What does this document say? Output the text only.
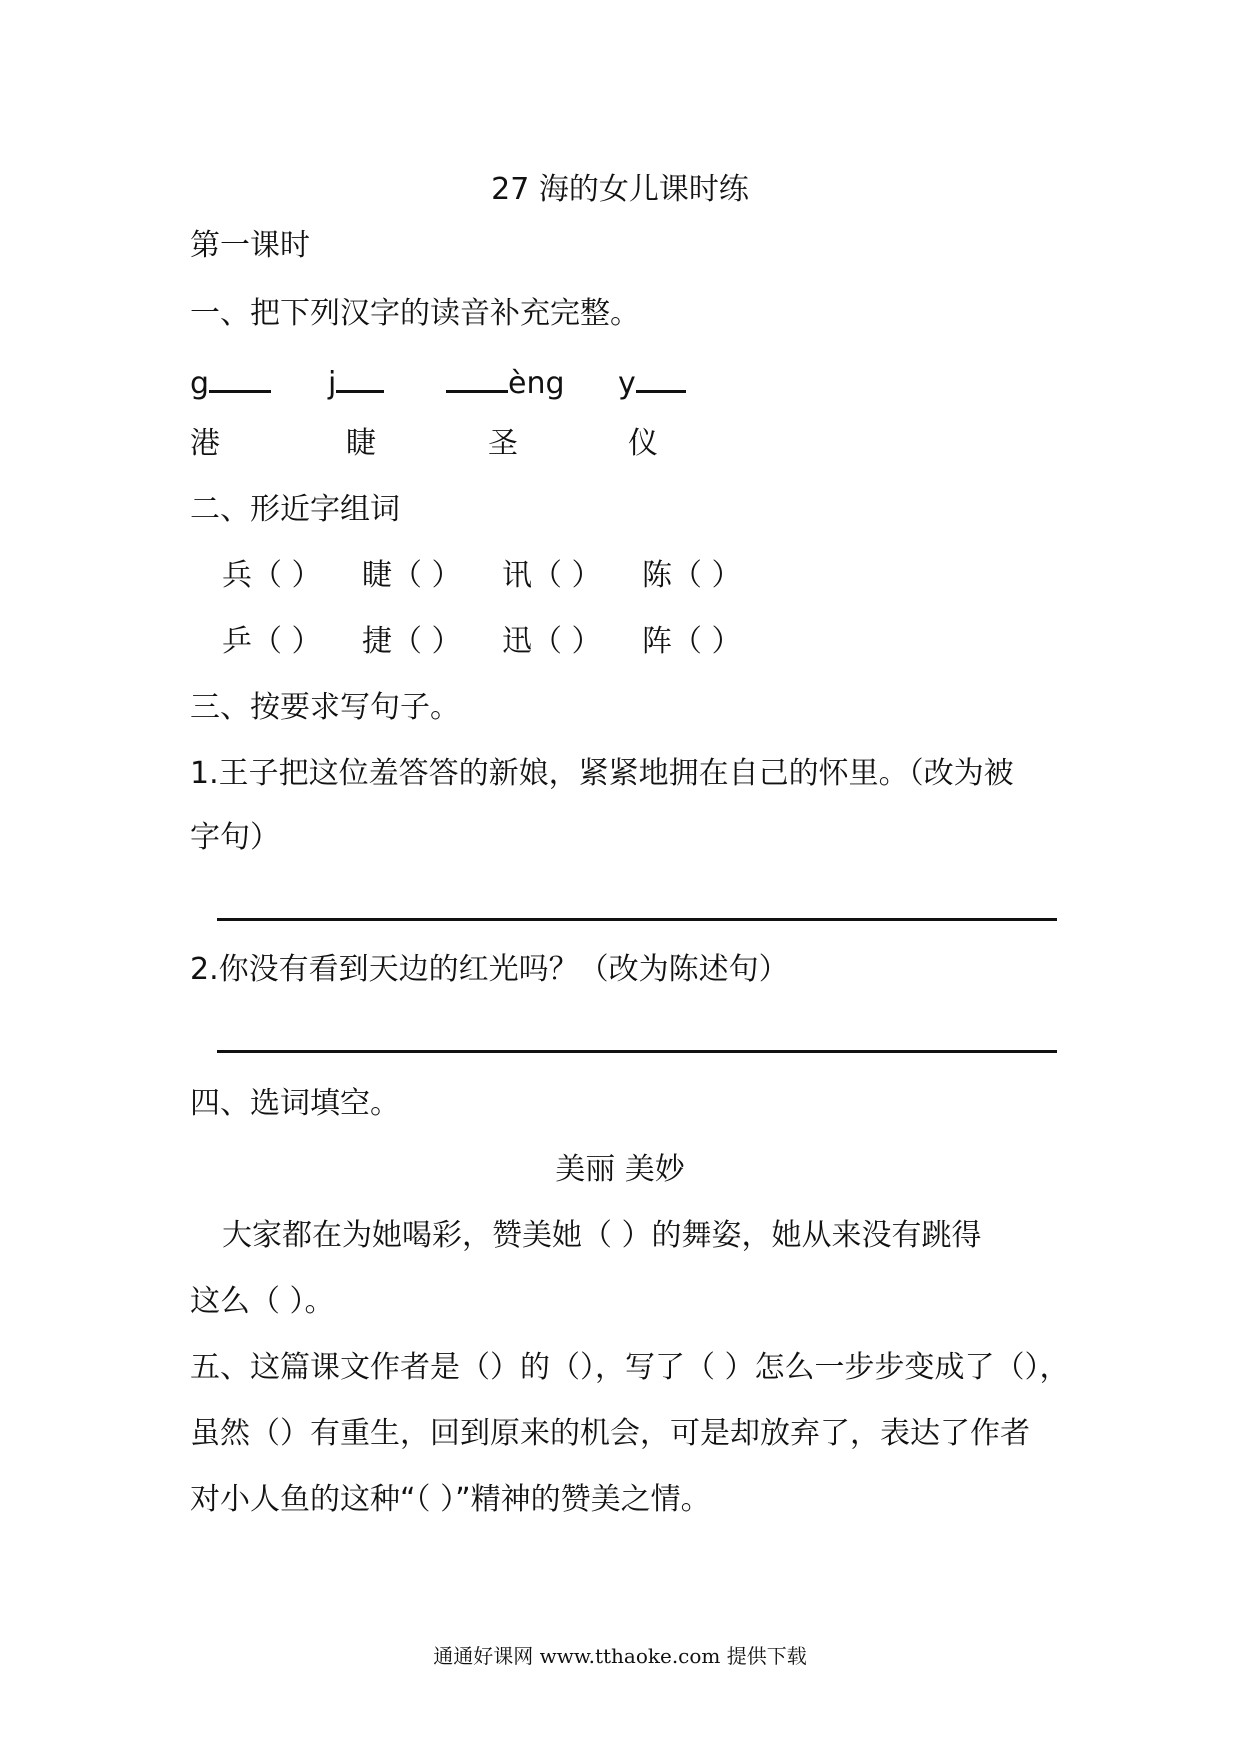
27 海的女儿课时练
第一课时
一、把下列汉字的读音补充完整。
g	j	èng y
港	睫	圣	仪
二、形近字组词
兵（ ） 睫（ ） 讯（ ） 陈（ ）
乒（ ） 捷（ ） 迅（ ） 阵（ ）
三、按要求写句子。
1.王子把这位羞答答的新娘，紧紧地拥在自己的怀里。（改为被
字句）
2.你没有看到天边的红光吗？（改为陈述句）
四、选词填空。
美丽 美妙
大家都在为她喝彩，赞美她（ ）的舞姿，她从来没有跳得
这么（ ）。
五、这篇课文作者是（）的（），写了（ ）怎么一步步变成了（），
虽然（）有重生，回到原来的机会，可是却放弃了，表达了作者
对小人鱼的这种“（ ）”精神的赞美之情。
通通好课网 www.tthaoke.com 提供下载
